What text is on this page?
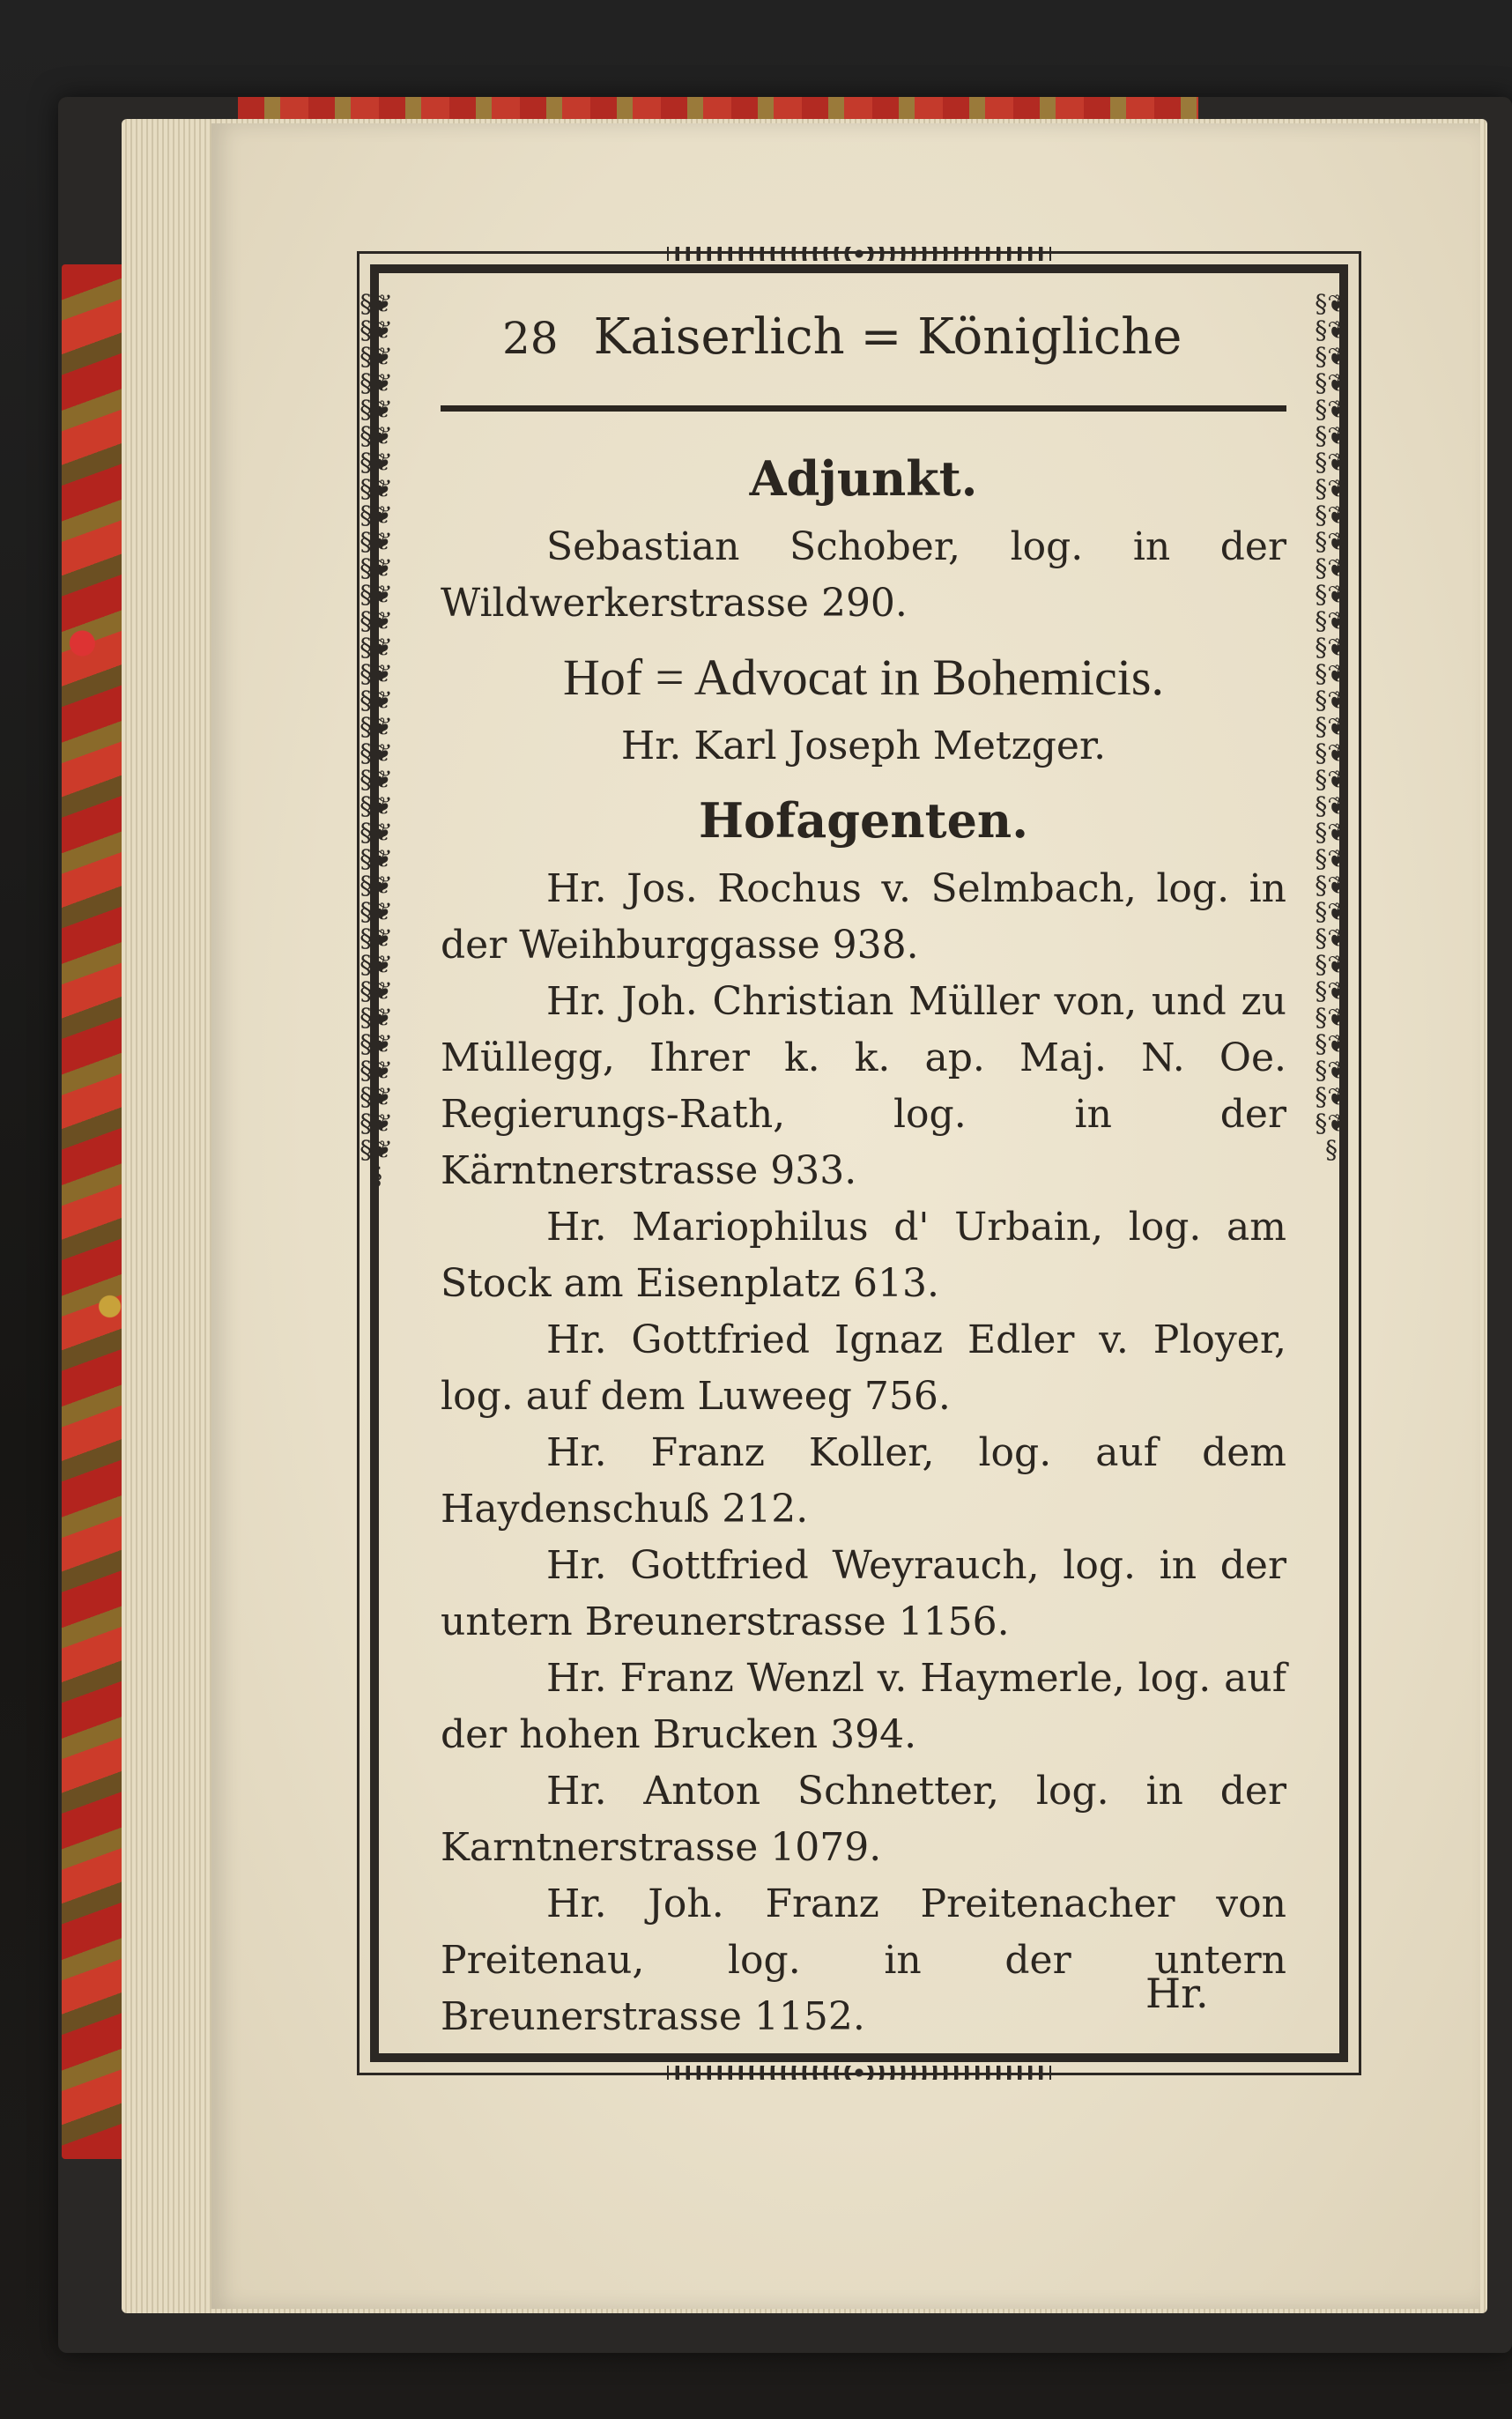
§❦§❦§❦§❦§❦§❦§❦§❦§❦§❦§❦§❦§❦§❦§❦§❦§❦§❦§❦§❦§❦§❦§❦§❦§❦§❦§❦§❦§❦§❦§❦§❦§❦§
§❦§❦§❦§❦§❦§❦§❦§❦§❦§❦§❦§❦§❦§❦§❦§❦§❦§❦§❦§❦§❦§❦§❦§❦§❦§❦§❦§❦§❦§❦§❦§❦§
28 Kaiserlich = Königliche
Adjunkt.

Sebastian Schober, log. in der Wildwerkerstrasse 290.

Hof = Advocat in Bohemicis.

Hr. Karl Joseph Metzger.

Hofagenten.

Hr. Jos. Rochus v. Selmbach, log. in der Weihburggasse 938.

Hr. Joh. Christian Müller von, und zu Müllegg, Ihrer k. k. ap. Maj. N. Oe. Regierungs-Rath, log. in der Kärntnerstrasse 933.

Hr. Mariophilus d' Urbain, log. am Stock am Eisenplatz 613.

Hr. Gottfried Ignaz Edler v. Ployer, log. auf dem Luweeg 756.

Hr. Franz Koller, log. auf dem Haydenschuß 212.

Hr. Gottfried Weyrauch, log. in der untern Breunerstrasse 1156.

Hr. Franz Wenzl v. Haymerle, log. auf der hohen Brucken 394.

Hr. Anton Schnetter, log. in der Karntnerstrasse 1079.

Hr. Joh. Franz Preitenacher von Preitenau, log. in der untern Breunerstrasse 1152.	Hr.
